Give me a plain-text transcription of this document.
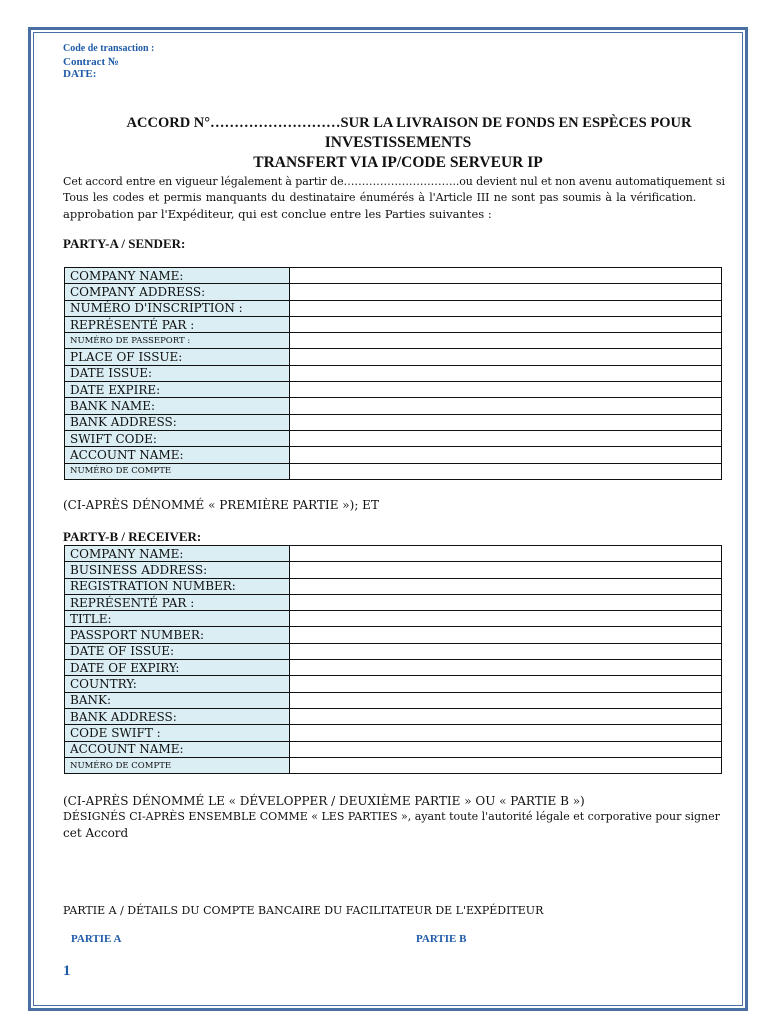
Code de transaction :
Contract №
DATE:
ACCORD N°………………………SUR LA LIVRAISON DE FONDS EN ESPÈCES POUR
INVESTISSEMENTS
TRANSFERT VIA IP/CODE SERVEUR IP
Cet accord entre en vigueur légalement à partir de…………………………..ou devient nul et non avenu automatiquement si
Tous les codes et permis manquants du destinataire énumérés à l'Article III ne sont pas soumis à la vérification.
approbation par l'Expéditeur, qui est conclue entre les Parties suivantes :
PARTY-A / SENDER:
COMPANY NAME:	
COMPANY ADDRESS:	
NUMÉRO D'INSCRIPTION :	
REPRÉSENTÉ PAR :	
NUMÉRO DE PASSEPORT :	
PLACE OF ISSUE:	
DATE ISSUE:	
DATE EXPIRE:	
BANK NAME:	
BANK ADDRESS:	
SWIFT CODE:	
ACCOUNT NAME:	
NUMÉRO DE COMPTE	
(CI-APRÈS DÉNOMMÉ « PREMIÈRE PARTIE »); ET
PARTY-B / RECEIVER:
COMPANY NAME:	
BUSINESS ADDRESS:	
REGISTRATION NUMBER:	
REPRÉSENTÉ PAR :	
TITLE:	
PASSPORT NUMBER:	
DATE OF ISSUE:	
DATE OF EXPIRY:	
COUNTRY:	
BANK:	
BANK ADDRESS:	
CODE SWIFT :	
ACCOUNT NAME:	
NUMÉRO DE COMPTE	
(CI-APRÈS DÉNOMMÉ LE « DÉVELOPPER / DEUXIÈME PARTIE » OU « PARTIE B »)
DÉSIGNÉS CI-APRÈS ENSEMBLE COMME « LES PARTIES », ayant toute l'autorité légale et corporative pour signer
cet Accord
PARTIE A / DÉTAILS DU COMPTE BANCAIRE DU FACILITATEUR DE L'EXPÉDITEUR
PARTIE A	PARTIE B
1
